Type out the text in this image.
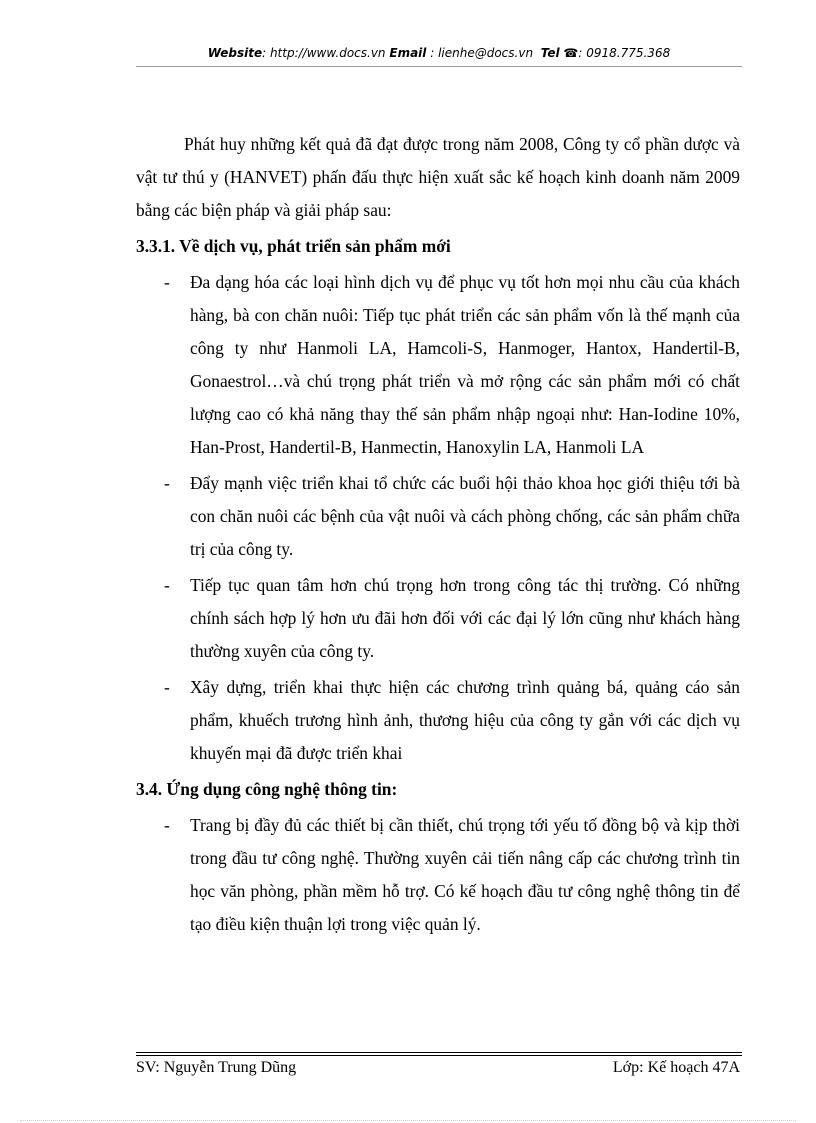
Website: http://www.docs.vn Email : lienhe@docs.vn Tel ☎: 0918.775.368

Phát huy những kết quả đã đạt được trong năm 2008, Công ty cổ phần dược và vật tư thú y (HANVET) phấn đấu thực hiện xuất sắc kế hoạch kinh doanh năm 2009 bằng các biện pháp và giải pháp sau:

3.3.1. Về dịch vụ, phát triển sản phẩm mới

- Đa dạng hóa các loại hình dịch vụ để phục vụ tốt hơn mọi nhu cầu của khách hàng, bà con chăn nuôi: Tiếp tục phát triển các sản phẩm vốn là thế mạnh của công ty như Hanmoli LA, Hamcoli-S, Hanmoger, Hantox, Handertil-B, Gonaestrol…và chú trọng phát triển và mở rộng các sản phẩm mới có chất lượng cao có khả năng thay thế sản phẩm nhập ngoại như: Han-Iodine 10%, Han-Prost, Handertil-B, Hanmectin, Hanoxylin LA, Hanmoli LA
- Đẩy mạnh việc triển khai tổ chức các buổi hội thảo khoa học giới thiệu tới bà con chăn nuôi các bệnh của vật nuôi và cách phòng chống, các sản phẩm chữa trị của công ty.
- Tiếp tục quan tâm hơn chú trọng hơn trong công tác thị trường. Có những chính sách hợp lý hơn ưu đãi hơn đối với các đại lý lớn cũng như khách hàng thường xuyên của công ty.
- Xây dựng, triển khai thực hiện các chương trình quảng bá, quảng cáo sản phẩm, khuếch trương hình ảnh, thương hiệu của công ty gắn với các dịch vụ khuyến mại đã được triển khai

3.4. Ứng dụng công nghệ thông tin:

- Trang bị đầy đủ các thiết bị cần thiết, chú trọng tới yếu tố đồng bộ và kịp thời trong đầu tư công nghệ. Thường xuyên cải tiến nâng cấp các chương trình tin học văn phòng, phần mềm hỗ trợ. Có kế hoạch đầu tư công nghệ thông tin để tạo điều kiện thuận lợi trong việc quản lý.
SV: Nguyễn Trung Dũng	Lớp: Kế hoạch 47A
